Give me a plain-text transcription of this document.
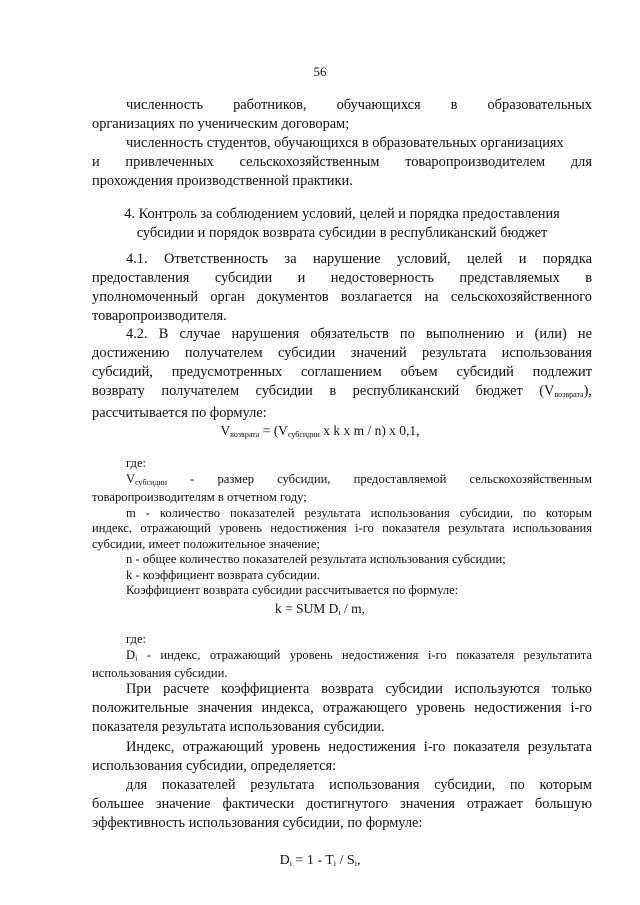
56
численность работников, обучающихся в образовательных
организациях по ученическим договорам;
численность студентов, обучающихся в образовательных организациях
и привлеченных сельскохозяйственным товаропроизводителем для
прохождения производственной практики.
4. Контроль за соблюдением условий, целей и порядка предоставления
субсидии и порядок возврата субсидии в республиканский бюджет
4.1. Ответственность за нарушение условий, целей и порядка
предоставления субсидии и недостоверность представляемых в
уполномоченный орган документов возлагается на сельскохозяйственного
товаропроизводителя.
4.2. В случае нарушения обязательств по выполнению и (или) не
достижению получателем субсидии значений результата использования
субсидий, предусмотренных соглашением объем субсидий подлежит
возврату получателем субсидии в республиканский бюджет $(V_{возврата})$,
рассчитывается по формуле:
$V_{возврата} = (V_{субсидии}$ x k x m / n) x 0,1,
где:
$V_{субсидии}$ - размер субсидии, предоставляемой сельскохозяйственным
товаропроизводителям в отчетном году;
m - количество показателей результата использования субсидии, по которым
индекс, отражающий уровень недостижения i-го показателя результата использования
субсидии, имеет положительное значение;
n - общее количество показателей результата использования субсидии;
k - коэффициент возврата субсидии.
Коэффициент возврата субсидии рассчитывается по формуле:
k = SUM $D_i$ / m,
где:
$D_i$ - индекс, отражающий уровень недостижения i-го показателя результатита
использования субсидии.
При расчете коэффициента возврата субсидии используются только
положительные значения индекса, отражающего уровень недостижения i-го
показателя результата использования субсидии.
Индекс, отражающий уровень недостижения i-го показателя результата
использования субсидии, определяется:
для показателей результата использования субсидии, по которым
большее значение фактически достигнутого значения отражает большую
эффективность использования субсидии, по формуле:
$D_i = 1 - T_i / S_i$,
